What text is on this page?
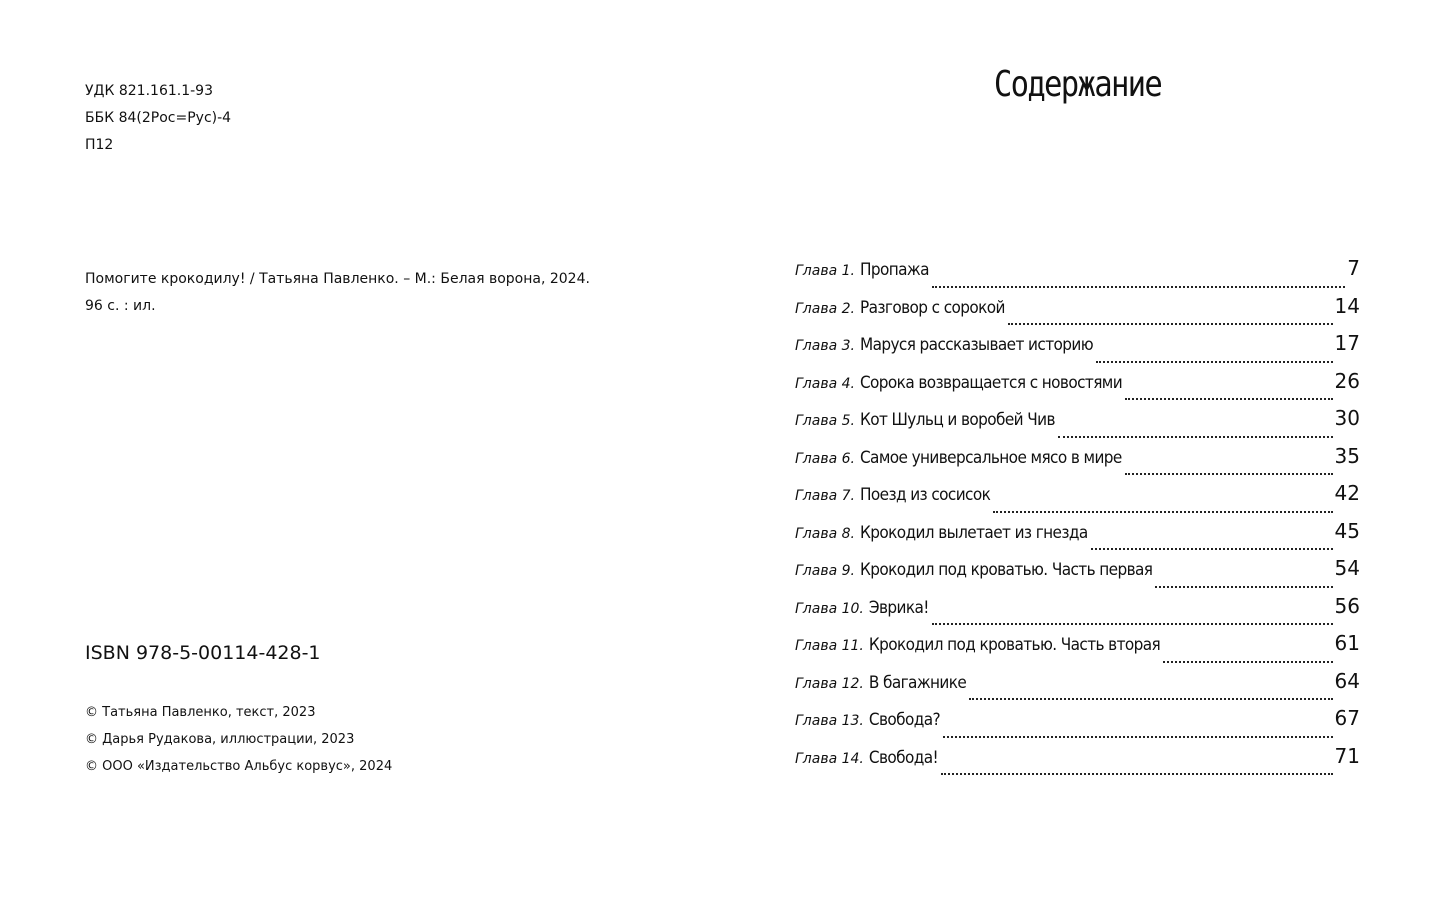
УДК 821.161.1-93
ББК 84(2Рос=Рус)-4
П12
Помогите крокодилу! / Татьяна Павленко. – М.: Белая ворона, 2024.
96 с. : ил.
ISBN 978-5-00114-428-1
© Татьяна Павленко, текст, 2023
© Дарья Рудакова, иллюстрации, 2023
© ООО «Издательство Альбус корвус», 2024
Содержание
Глава 1. Пропажа	7
Глава 2. Разговор с сорокой	14
Глава 3. Маруся рассказывает историю	17
Глава 4. Сорока возвращается с новостями	26
Глава 5. Кот Шульц и воробей Чив	30
Глава 6. Самое универсальное мясо в мире	35
Глава 7. Поезд из сосисок	42
Глава 8. Крокодил вылетает из гнезда	45
Глава 9. Крокодил под кроватью. Часть первая	54
Глава 10. Эврика!	56
Глава 11. Крокодил под кроватью. Часть вторая	61
Глава 12. В багажнике	64
Глава 13. Свобода?	67
Глава 14. Свобода!	71
